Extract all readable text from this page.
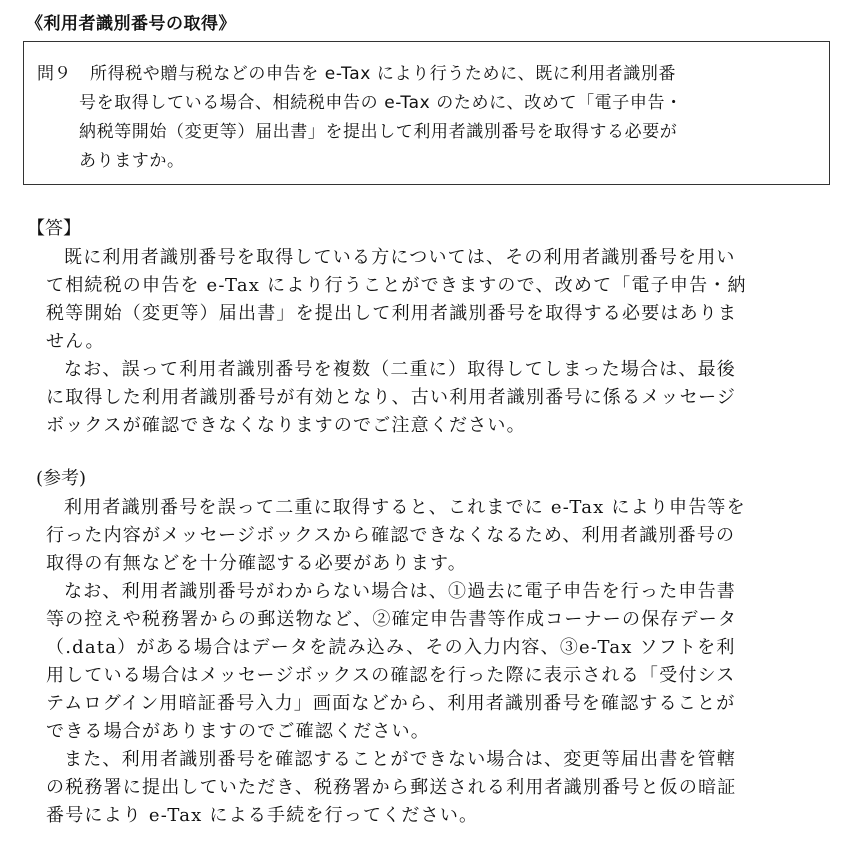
《利用者識別番号の取得》
問９ 所得税や贈与税などの申告を e-Tax により行うために、既に利用者識別番
号を取得している場合、相続税申告の e-Tax のために、改めて「電子申告・
納税等開始（変更等）届出書」を提出して利用者識別番号を取得する必要が
ありますか。
【答】
既に利用者識別番号を取得している方については、その利用者識別番号を用い
て相続税の申告を e-Tax により行うことができますので、改めて「電子申告・納
税等開始（変更等）届出書」を提出して利用者識別番号を取得する必要はありま
せん。
なお、誤って利用者識別番号を複数（二重に）取得してしまった場合は、最後
に取得した利用者識別番号が有効となり、古い利用者識別番号に係るメッセージ
ボックスが確認できなくなりますのでご注意ください。
(参考)
利用者識別番号を誤って二重に取得すると、これまでに e-Tax により申告等を
行った内容がメッセージボックスから確認できなくなるため、利用者識別番号の
取得の有無などを十分確認する必要があります。
なお、利用者識別番号がわからない場合は、①過去に電子申告を行った申告書
等の控えや税務署からの郵送物など、②確定申告書等作成コーナーの保存データ
（.data）がある場合はデータを読み込み、その入力内容、③e-Tax ソフトを利
用している場合はメッセージボックスの確認を行った際に表示される「受付シス
テムログイン用暗証番号入力」画面などから、利用者識別番号を確認することが
できる場合がありますのでご確認ください。
また、利用者識別番号を確認することができない場合は、変更等届出書を管轄
の税務署に提出していただき、税務署から郵送される利用者識別番号と仮の暗証
番号により e-Tax による手続を行ってください。
